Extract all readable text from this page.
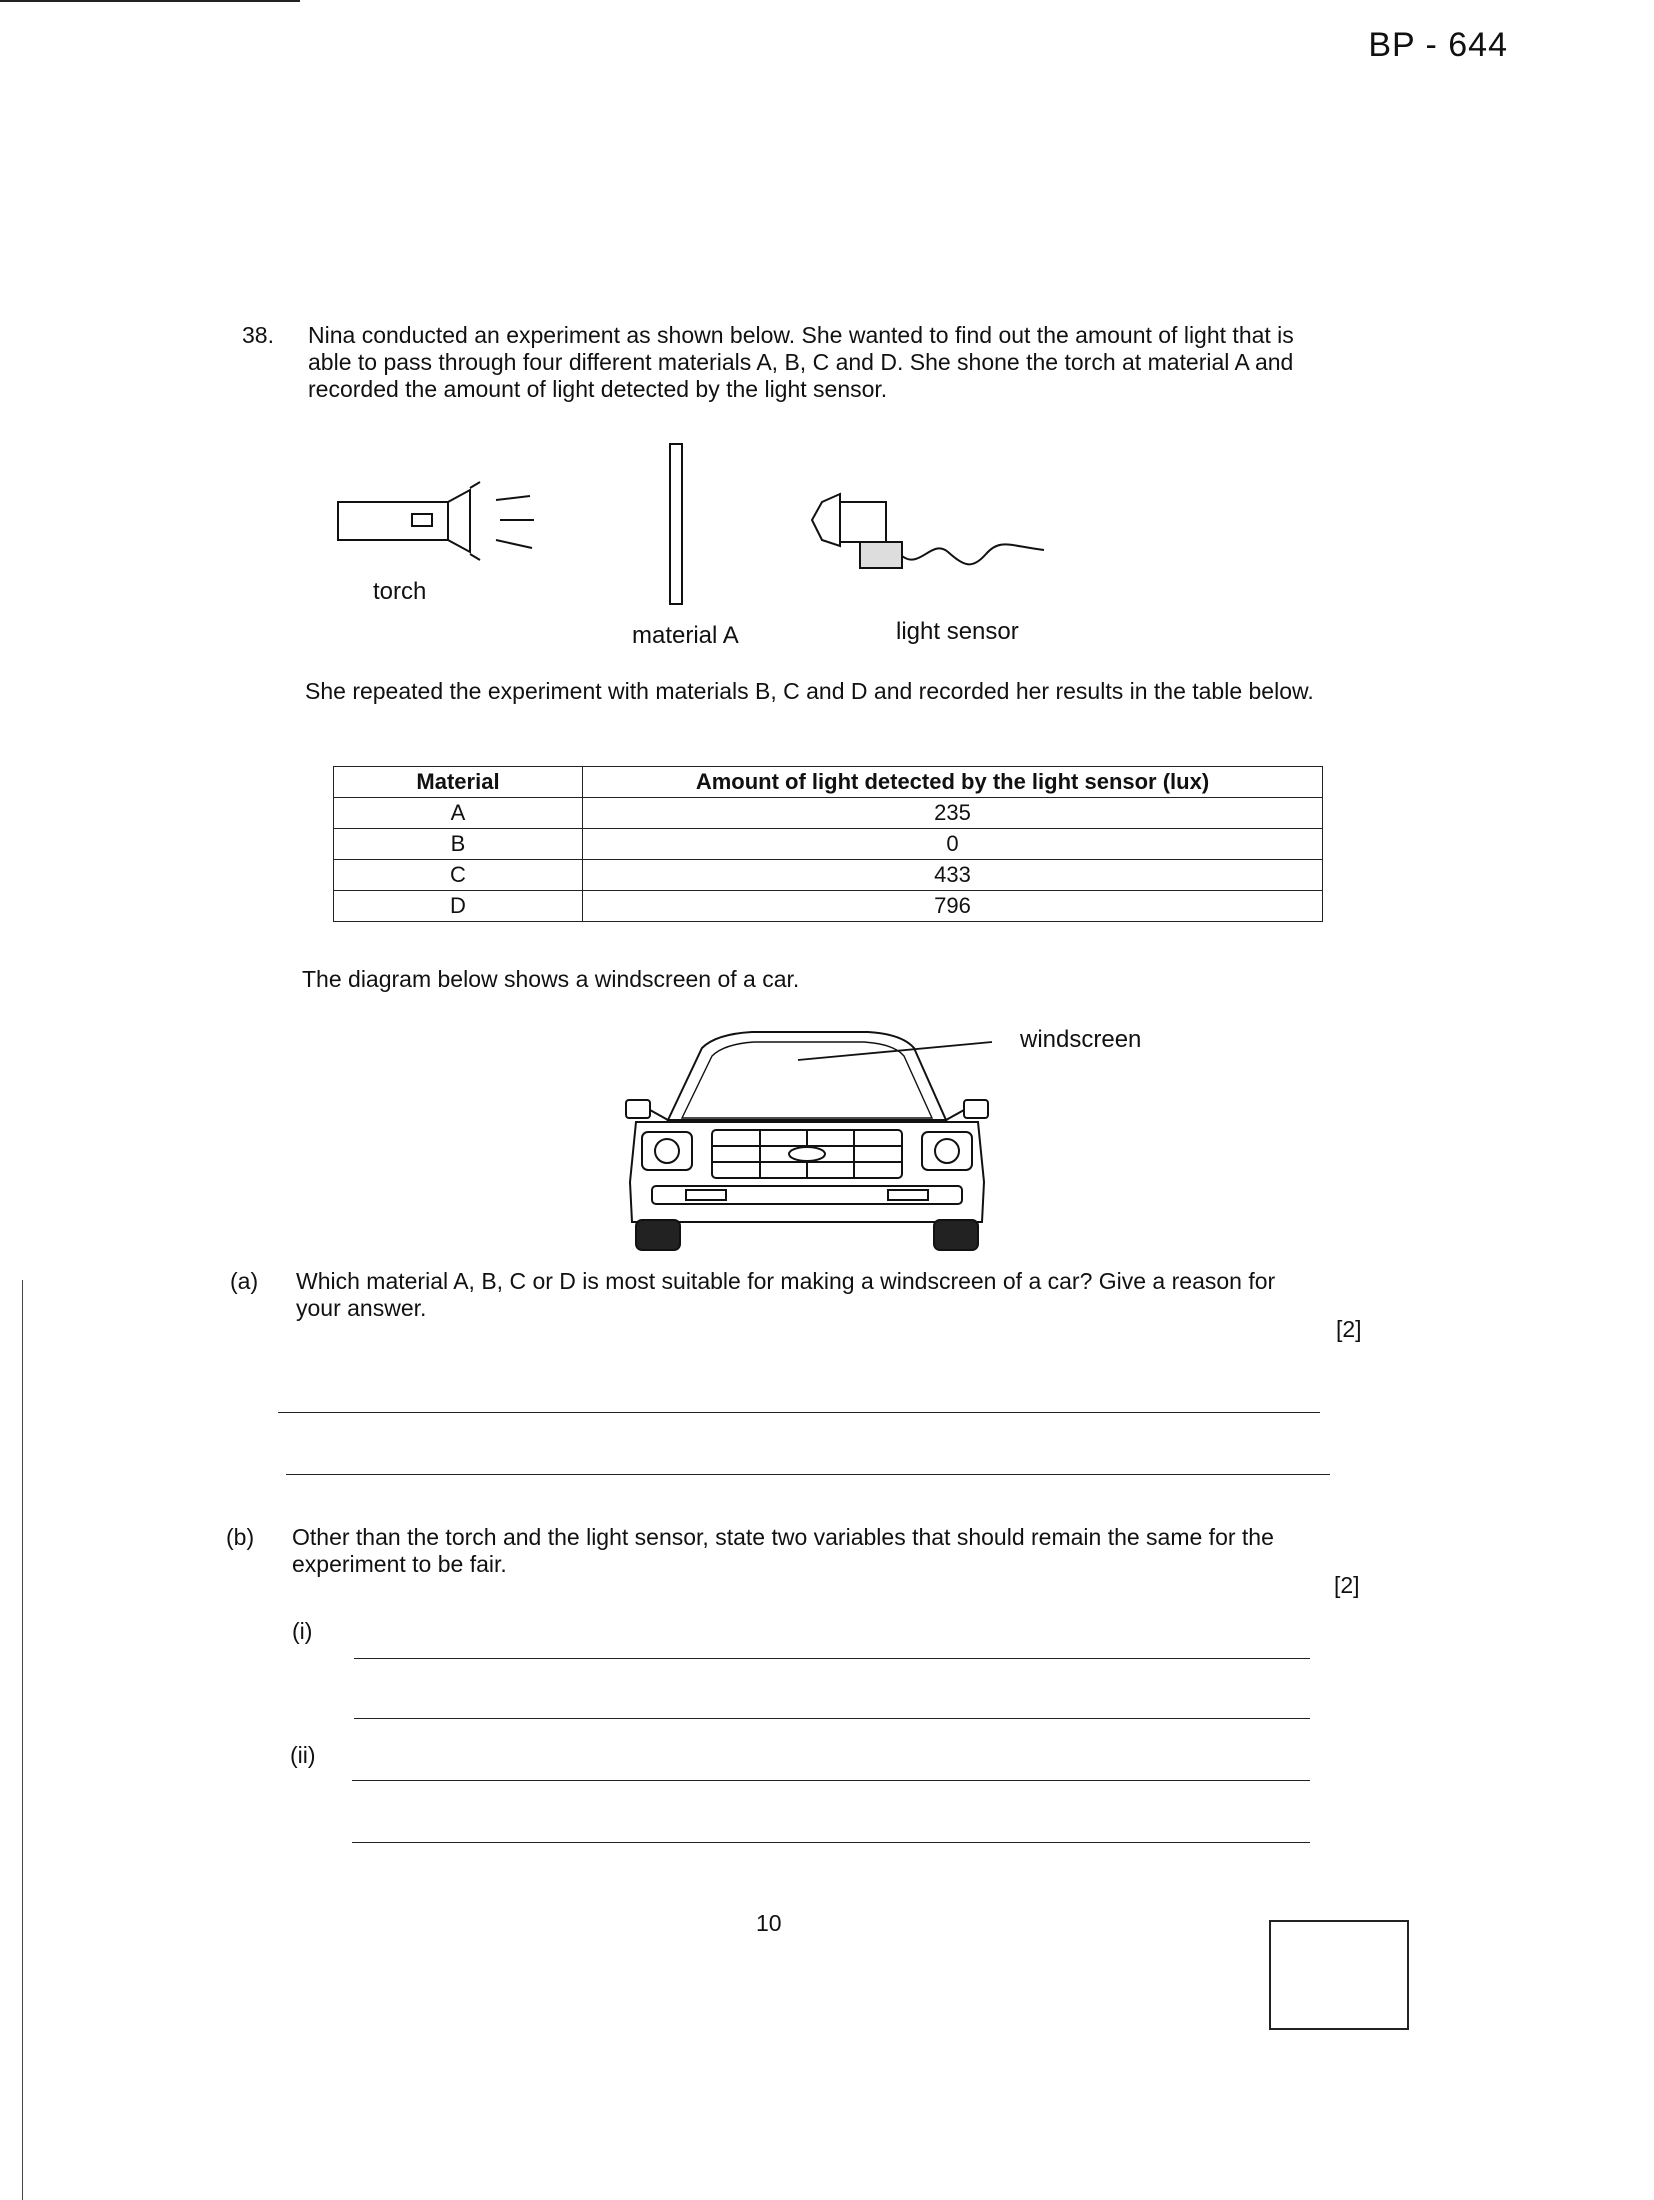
BP - 644
38. Nina conducted an experiment as shown below. She wanted to find out the amount of light that is able to pass through four different materials A, B, C and D. She shone the torch at material A and recorded the amount of light detected by the light sensor.
torch
material A	light sensor
She repeated the experiment with materials B, C and D and recorded her results in the table below.
Material	Amount of light detected by the light sensor (lux)
A	235
B	0
C	433
D	796
The diagram below shows a windscreen of a car.
windscreen
(a) Which material A, B, C or D is most suitable for making a windscreen of a car? Give a reason for your answer.
[2]
(b) Other than the torch and the light sensor, state two variables that should remain the same for the experiment to be fair.
[2]
(i)
(ii)
10
